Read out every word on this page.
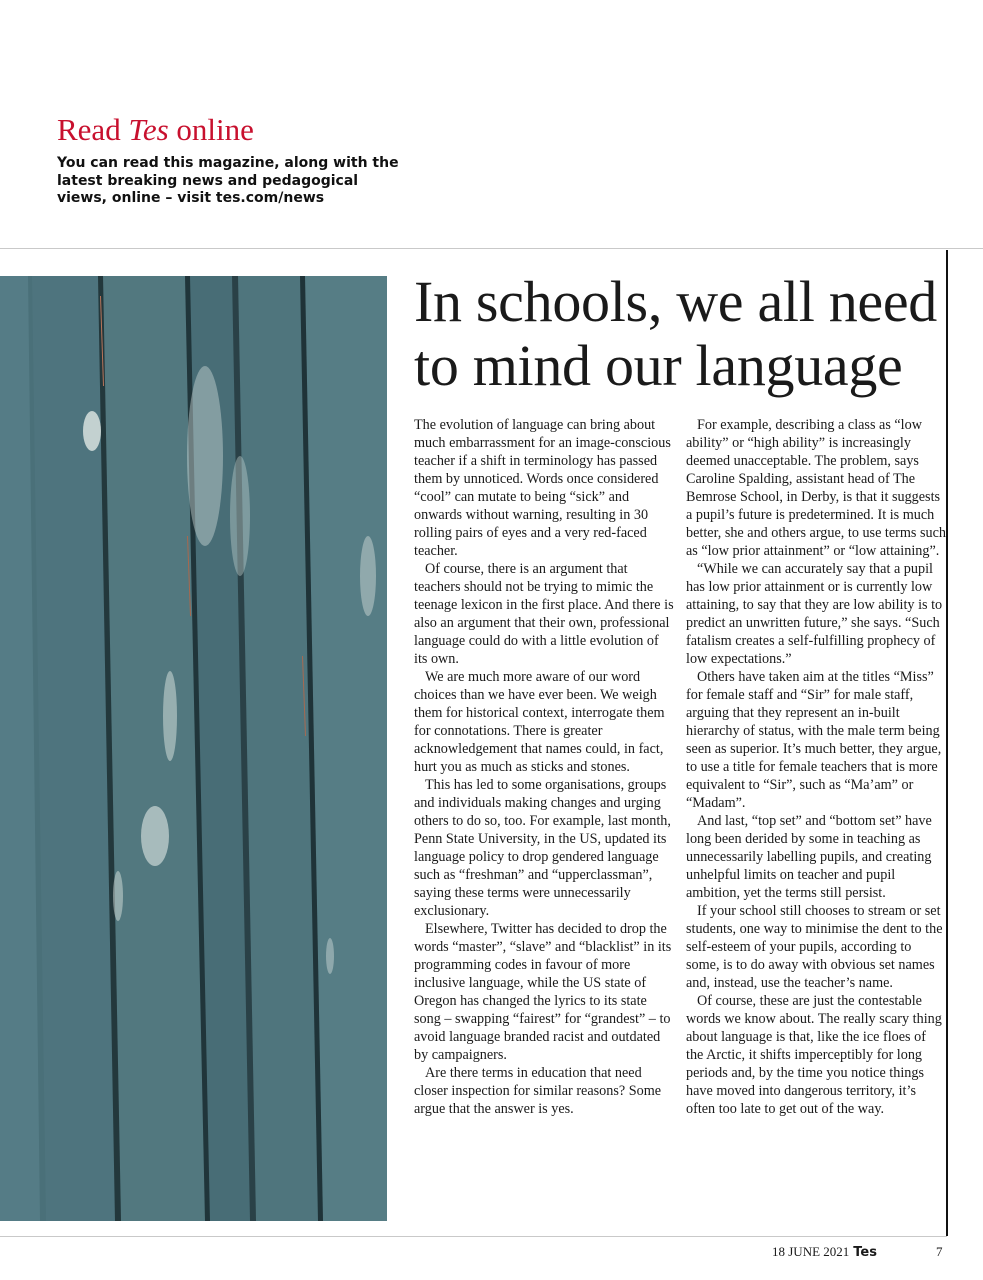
Read Tes online
You can read this magazine, along with the latest breaking news and pedagogical views, online – visit tes.com/news
In schools, we all need to mind our language

The evolution of language can bring about much embarrassment for an image-conscious teacher if a shift in terminology has passed them by unnoticed. Words once considered “cool” can mutate to being “sick” and onwards without warning, resulting in 30 rolling pairs of eyes and a very red-faced teacher.

Of course, there is an argument that teachers should not be trying to mimic the teenage lexicon in the first place. And there is also an argument that their own, professional language could do with a little evolution of its own.

We are much more aware of our word choices than we have ever been. We weigh them for historical context, interrogate them for connotations. There is greater acknowledgement that names could, in fact, hurt you as much as sticks and stones.

This has led to some organisations, groups and individuals making changes and urging others to do so, too. For example, last month, Penn State University, in the US, updated its language policy to drop gendered language such as “freshman” and “upperclassman”, saying these terms were unnecessarily exclusionary.

Elsewhere, Twitter has decided to drop the words “master”, “slave” and “blacklist” in its programming codes in favour of more inclusive language, while the US state of Oregon has changed the lyrics to its state song – swapping “fairest” for “grandest” – to avoid language branded racist and outdated by campaigners.

Are there terms in education that need closer inspection for similar reasons? Some argue that the answer is yes.

For example, describing a class as “low ability” or “high ability” is increasingly deemed unacceptable. The problem, says Caroline Spalding, assistant head of The Bemrose School, in Derby, is that it suggests a pupil’s future is predetermined. It is much better, she and others argue, to use terms such as “low prior attainment” or “low attaining”.

“While we can accurately say that a pupil has low prior attainment or is currently low attaining, to say that they are low ability is to predict an unwritten future,” she says. “Such fatalism creates a self-fulfilling prophecy of low expectations.”

Others have taken aim at the titles “Miss” for female staff and “Sir” for male staff, arguing that they represent an in-built hierarchy of status, with the male term being seen as superior. It’s much better, they argue, to use a title for female teachers that is more equivalent to “Sir”, such as “Ma’am” or “Madam”.

And last, “top set” and “bottom set” have long been derided by some in teaching as unnecessarily labelling pupils, and creating unhelpful limits on teacher and pupil ambition, yet the terms still persist.

If your school still chooses to stream or set students, one way to minimise the dent to the self-esteem of your pupils, according to some, is to do away with obvious set names and, instead, use the teacher’s name.

Of course, these are just the contestable words we know about. The really scary thing about language is that, like the ice floes of the Arctic, it shifts imperceptibly for long periods and, by the time you notice things have moved into dangerous territory, it’s often too late to get out of the way.

18 JUNE 2021 Tes	7
